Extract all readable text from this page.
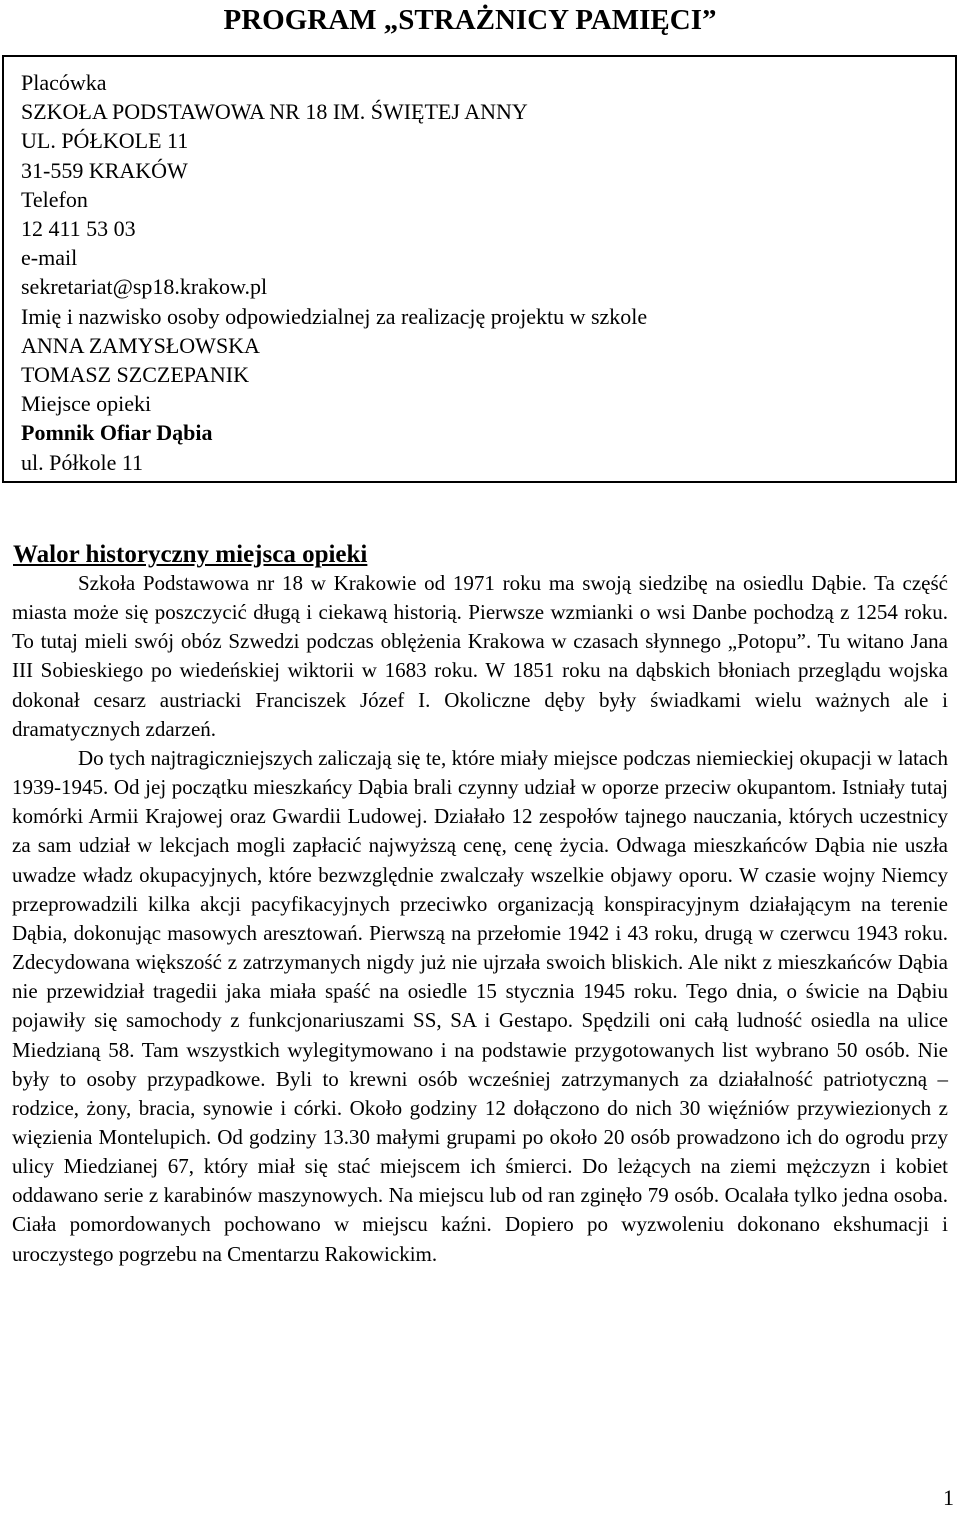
PROGRAM „STRAŻNICY PAMIĘCI”
Placówka
SZKOŁA PODSTAWOWA NR 18 IM. ŚWIĘTEJ ANNY
UL. PÓŁKOLE 11
31-559 KRAKÓW
Telefon
12 411 53 03
e-mail
sekretariat@sp18.krakow.pl
Imię i nazwisko osoby odpowiedzialnej za realizację projektu w szkole
ANNA ZAMYSŁOWSKA
TOMASZ SZCZEPANIK
Miejsce opieki
Pomnik Ofiar Dąbia
ul. Półkole 11
Walor historyczny miejsca opieki

Szkoła Podstawowa nr 18 w Krakowie od 1971 roku ma swoją siedzibę na osiedlu Dąbie. Ta część miasta może się poszczycić długą i ciekawą historią. Pierwsze wzmianki o wsi Danbe pochodzą z 1254 roku. To tutaj mieli swój obóz Szwedzi podczas oblężenia Krakowa w czasach słynnego „Potopu”. Tu witano Jana III Sobieskiego po wiedeńskiej wiktorii w 1683 roku. W 1851 roku na dąbskich błoniach przeglądu wojska dokonał cesarz austriacki Franciszek Józef I. Okoliczne dęby były świadkami wielu ważnych ale i dramatycznych zdarzeń.

Do tych najtragiczniejszych zaliczają się te, które miały miejsce podczas niemieckiej okupacji w latach 1939-1945. Od jej początku mieszkańcy Dąbia brali czynny udział w oporze przeciw okupantom. Istniały tutaj komórki Armii Krajowej oraz Gwardii Ludowej. Działało 12 zespołów tajnego nauczania, których uczestnicy za sam udział w lekcjach mogli zapłacić najwyższą cenę, cenę życia. Odwaga mieszkańców Dąbia nie uszła uwadze władz okupacyjnych, które bezwzględnie zwalczały wszelkie objawy oporu. W czasie wojny Niemcy przeprowadzili kilka akcji pacyfikacyjnych przeciwko organizacją konspiracyjnym działającym na terenie Dąbia, dokonując masowych aresztowań. Pierwszą na przełomie 1942 i 43 roku, drugą w czerwcu 1943 roku. Zdecydowana większość z zatrzymanych nigdy już nie ujrzała swoich bliskich. Ale nikt z mieszkańców Dąbia nie przewidział tragedii jaka miała spaść na osiedle 15 stycznia 1945 roku. Tego dnia, o świcie na Dąbiu pojawiły się samochody z funkcjonariuszami SS, SA i Gestapo. Spędzili oni całą ludność osiedla na ulice Miedzianą 58. Tam wszystkich wylegitymowano i na podstawie przygotowanych list wybrano 50 osób. Nie były to osoby przypadkowe. Byli to krewni osób wcześniej zatrzymanych za działalność patriotyczną – rodzice, żony, bracia, synowie i córki. Około godziny 12 dołączono do nich 30 więźniów przywiezionych z więzienia Montelupich. Od godziny 13.30 małymi grupami po około 20 osób prowadzono ich do ogrodu przy ulicy Miedzianej 67, który miał się stać miejscem ich śmierci. Do leżących na ziemi mężczyzn i kobiet oddawano serie z karabinów maszynowych. Na miejscu lub od ran zginęło 79 osób. Ocalała tylko jedna osoba. Ciała pomordowanych pochowano w miejscu kaźni. Dopiero po wyzwoleniu dokonano ekshumacji i uroczystego pogrzebu na Cmentarzu Rakowickim.

1
